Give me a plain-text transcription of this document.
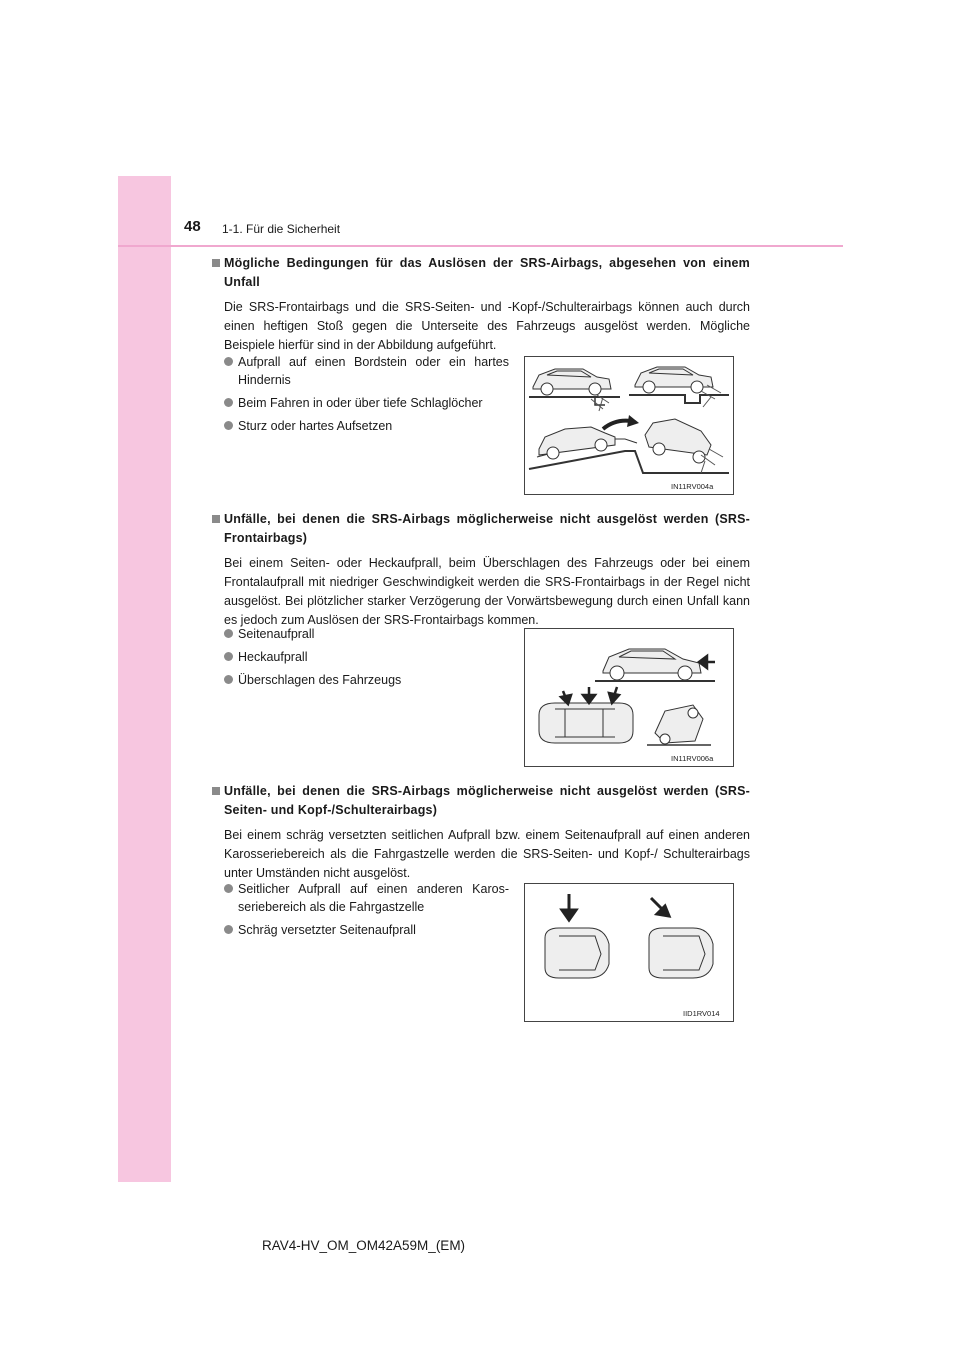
48 1-1. Für die Sicherheit
Mögliche Bedingungen für das Auslösen der SRS-Airbags, abgesehen von einem Unfall
Die SRS-Frontairbags und die SRS-Seiten- und -Kopf-/Schulterairbags können auch durch einen heftigen Stoß gegen die Unterseite des Fahrzeugs ausgelöst werden. Mögliche Beispiele hierfür sind in der Abbildung aufgeführt.
Aufprall auf einen Bordstein oder ein hartes Hindernis
Beim Fahren in oder über tiefe Schlaglöcher
Sturz oder hartes Aufsetzen
IN11RV004a
Unfälle, bei denen die SRS-Airbags möglicherweise nicht ausgelöst werden (SRS-Frontairbags)
Bei einem Seiten- oder Heckaufprall, beim Überschlagen des Fahrzeugs oder bei einem Frontalaufprall mit niedriger Geschwindigkeit werden die SRS-Frontairbags in der Regel nicht ausgelöst. Bei plötzlicher starker Verzögerung der Vorwärtsbewegung durch einen Unfall kann es jedoch zum Auslösen der SRS-Frontairbags kommen.
Seitenaufprall
Heckaufprall
Überschlagen des Fahrzeugs
IN11RV006a
Unfälle, bei denen die SRS-Airbags möglicherweise nicht ausgelöst werden (SRS-Seiten- und Kopf-/Schulterairbags)
Bei einem schräg versetzten seitlichen Aufprall bzw. einem Seitenaufprall auf einen anderen Karosseriebereich als die Fahrgastzelle werden die SRS-Seiten- und Kopf-/ Schulterairbags unter Umständen nicht ausgelöst.
Seitlicher Aufprall auf einen anderen Karos-seriebereich als die Fahrgastzelle
Schräg versetzter Seitenaufprall
IID1RV014
RAV4-HV_OM_OM42A59M_(EM)
